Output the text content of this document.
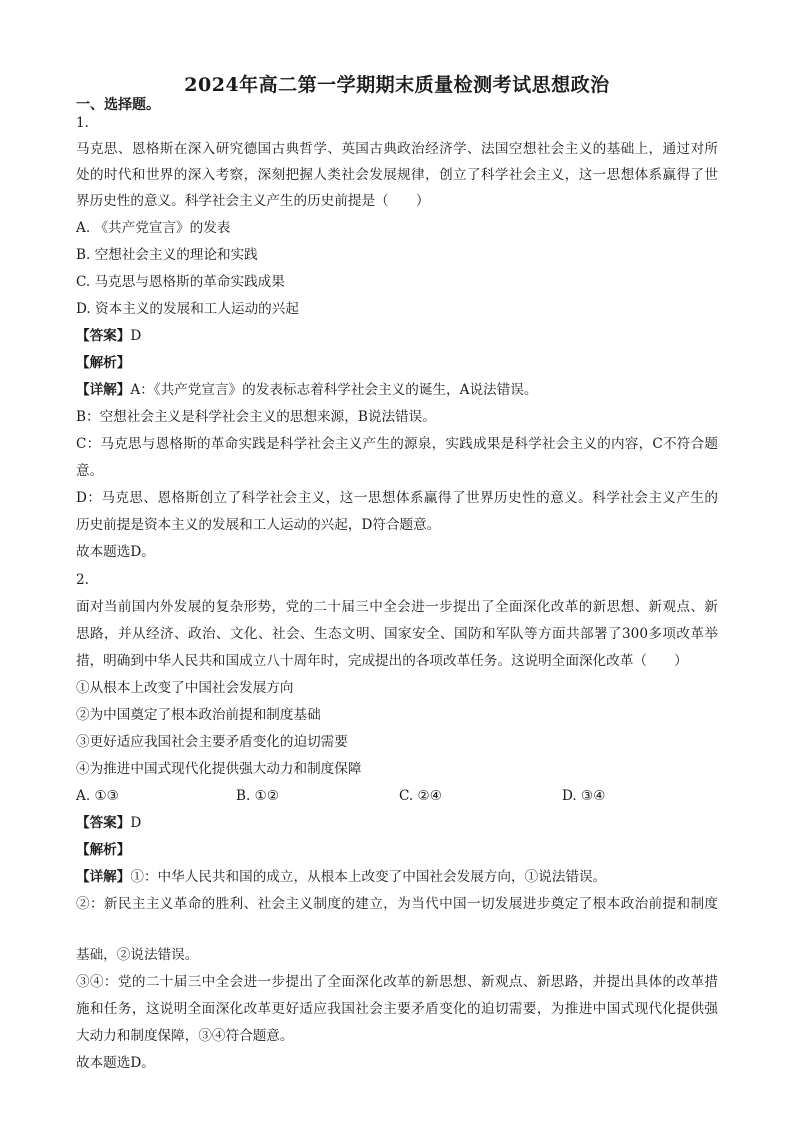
2024年高二第一学期期末质量检测考试思想政治
一、选择题。
1.
马克思、恩格斯在深入研究德国古典哲学、英国古典政治经济学、法国空想社会主义的基础上，通过对所
处的时代和世界的深入考察，深刻把握人类社会发展规律，创立了科学社会主义，这一思想体系赢得了世
界历史性的意义。科学社会主义产生的历史前提是（　　）
A. 《共产党宣言》的发表
B. 空想社会主义的理论和实践
C. 马克思与恩格斯的革命实践成果
D. 资本主义的发展和工人运动的兴起
【答案】D
【解析】
【详解】A：《共产党宣言》的发表标志着科学社会主义的诞生，A说法错误。
B：空想社会主义是科学社会主义的思想来源，B说法错误。
C：马克思与恩格斯的革命实践是科学社会主义产生的源泉，实践成果是科学社会主义的内容，C不符合题
意。
D：马克思、恩格斯创立了科学社会主义，这一思想体系赢得了世界历史性的意义。科学社会主义产生的
历史前提是资本主义的发展和工人运动的兴起，D符合题意。
故本题选D。
2.
面对当前国内外发展的复杂形势，党的二十届三中全会进一步提出了全面深化改革的新思想、新观点、新
思路，并从经济、政治、文化、社会、生态文明、国家安全、国防和军队等方面共部署了300多项改革举
措，明确到中华人民共和国成立八十周年时，完成提出的各项改革任务。这说明全面深化改革（　　）
①从根本上改变了中国社会发展方向
②为中国奠定了根本政治前提和制度基础
③更好适应我国社会主要矛盾变化的迫切需要
④为推进中国式现代化提供强大动力和制度保障
A. ①③	B. ①②	C. ②④	D. ③④
【答案】D
【解析】
【详解】①：中华人民共和国的成立，从根本上改变了中国社会发展方向，①说法错误。
②：新民主主义革命的胜利、社会主义制度的建立，为当代中国一切发展进步奠定了根本政治前提和制度
基础，②说法错误。
③④：党的二十届三中全会进一步提出了全面深化改革的新思想、新观点、新思路，并提出具体的改革措
施和任务，这说明全面深化改革更好适应我国社会主要矛盾变化的迫切需要，为推进中国式现代化提供强
大动力和制度保障，③④符合题意。
故本题选D。
